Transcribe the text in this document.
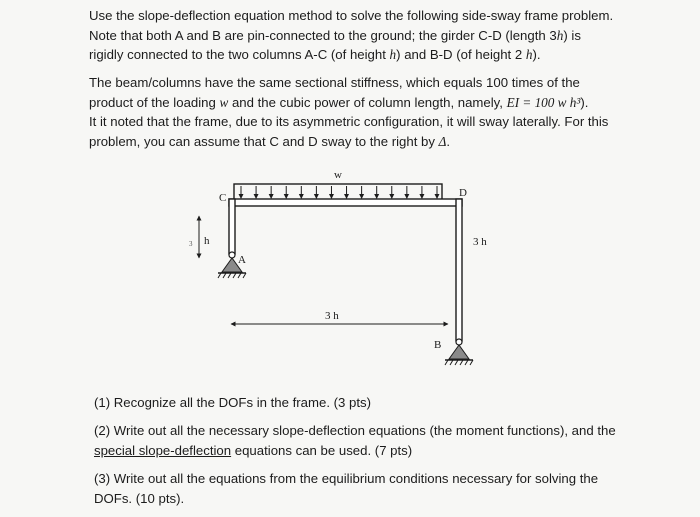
Use the slope-deflection equation method to solve the following side-sway frame problem.
Note that both A and B are pin-connected to the ground; the girder C-D (length 3h) is
rigidly connected to the two columns A-C (of height h) and B-D (of height 2 h).
The beam/columns have the same sectional stiffness, which equals 100 times of the
product of the loading w and the cubic power of column length, namely, EI = 100 w h³).
It it noted that the frame, due to its asymmetric configuration, it will sway laterally. For this
problem, you can assume that C and D sway to the right by Δ.
w
C	D
A
B
3 h	3 h
3 h
(1) Recognize all the DOFs in the frame. (3 pts)
(2) Write out all the necessary slope-deflection equations (the moment functions), and the
special slope-deflection equations can be used. (7 pts)
(3) Write out all the equations from the equilibrium conditions necessary for solving the
DOFs. (10 pts).
